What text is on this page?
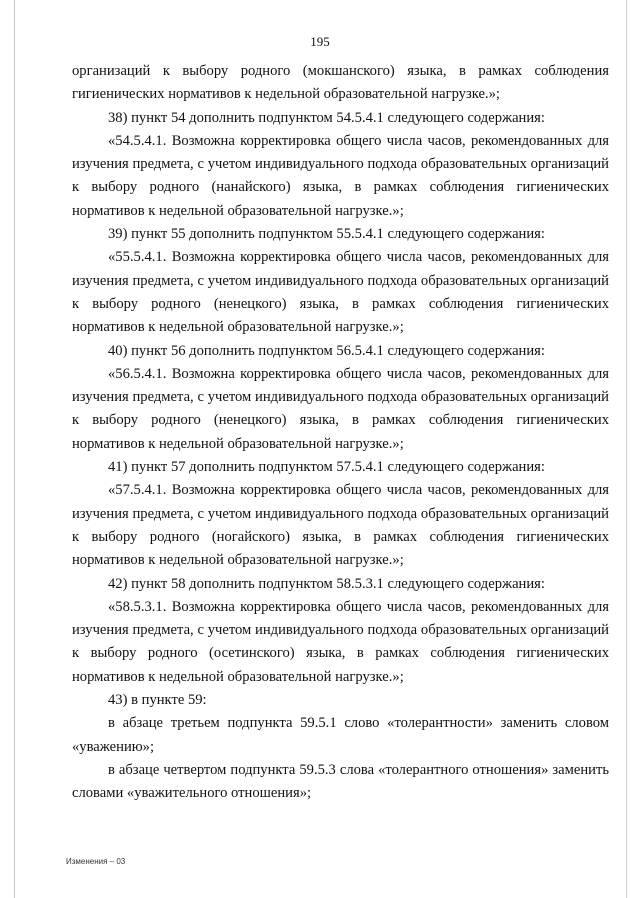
195

организаций к выбору родного (мокшанского) языка, в рамках соблюдения гигиенических нормативов к недельной образовательной нагрузке.»;

38) пункт 54 дополнить подпунктом 54.5.4.1 следующего содержания:

«54.5.4.1. Возможна корректировка общего числа часов, рекомендованных для изучения предмета, с учетом индивидуального подхода образовательных организаций к выбору родного (нанайского) языка, в рамках соблюдения гигиенических нормативов к недельной образовательной нагрузке.»;

39) пункт 55 дополнить подпунктом 55.5.4.1 следующего содержания:

«55.5.4.1. Возможна корректировка общего числа часов, рекомендованных для изучения предмета, с учетом индивидуального подхода образовательных организаций к выбору родного (ненецкого) языка, в рамках соблюдения гигиенических нормативов к недельной образовательной нагрузке.»;

40) пункт 56 дополнить подпунктом 56.5.4.1 следующего содержания:

«56.5.4.1. Возможна корректировка общего числа часов, рекомендованных для изучения предмета, с учетом индивидуального подхода образовательных организаций к выбору родного (ненецкого) языка, в рамках соблюдения гигиенических нормативов к недельной образовательной нагрузке.»;

41) пункт 57 дополнить подпунктом 57.5.4.1 следующего содержания:

«57.5.4.1. Возможна корректировка общего числа часов, рекомендованных для изучения предмета, с учетом индивидуального подхода образовательных организаций к выбору родного (ногайского) языка, в рамках соблюдения гигиенических нормативов к недельной образовательной нагрузке.»;

42) пункт 58 дополнить подпунктом 58.5.3.1 следующего содержания:

«58.5.3.1. Возможна корректировка общего числа часов, рекомендованных для изучения предмета, с учетом индивидуального подхода образовательных организаций к выбору родного (осетинского) языка, в рамках соблюдения гигиенических нормативов к недельной образовательной нагрузке.»;

43) в пункте 59:

в абзаце третьем подпункта 59.5.1 слово «толерантности» заменить словом «уважению»;

в абзаце четвертом подпункта 59.5.3 слова «толерантного отношения» заменить словами «уважительного отношения»;

Изменения – 03
